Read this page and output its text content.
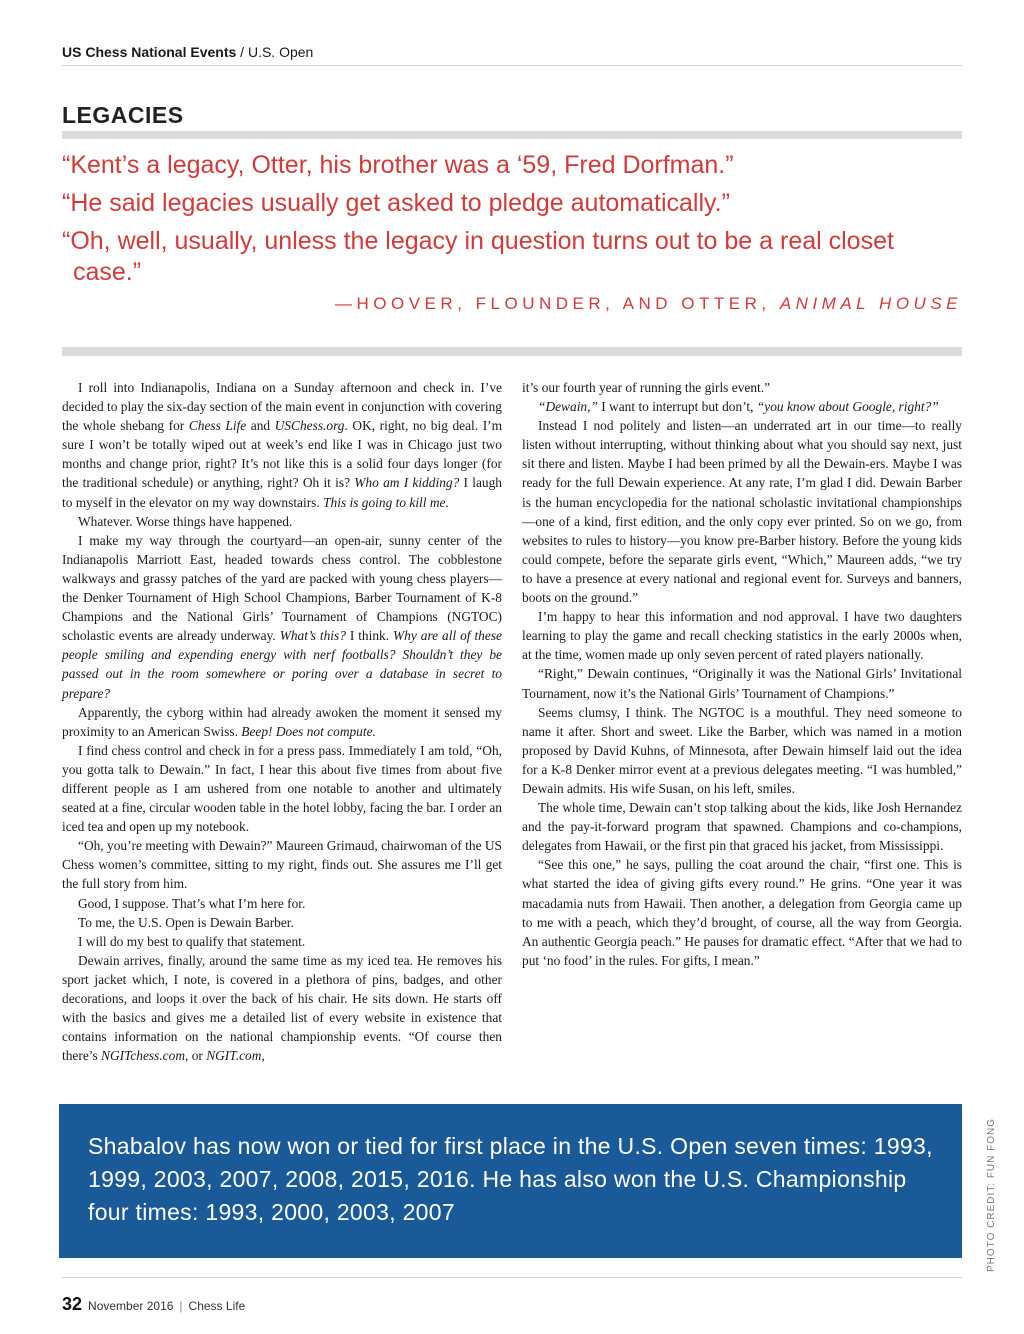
US Chess National Events / U.S. Open
LEGACIES

“Kent’s a legacy, Otter, his brother was a ‘59, Fred Dorfman.”

“He said legacies usually get asked to pledge automatically.”

“Oh, well, usually, unless the legacy in question turns out to be a real closet case.”

—HOOVER, FLOUNDER, AND OTTER, ANIMAL HOUSE

I roll into Indianapolis, Indiana on a Sunday afternoon and check in. I’ve decided to play the six-day section of the main event in conjunction with covering the whole shebang for Chess Life and USChess.org. OK, right, no big deal. I’m sure I won’t be totally wiped out at week’s end like I was in Chicago just two months and change prior, right? It’s not like this is a solid four days longer (for the traditional schedule) or anything, right? Oh it is? Who am I kidding? I laugh to myself in the elevator on my way downstairs. This is going to kill me.

Whatever. Worse things have happened.

I make my way through the courtyard—an open-air, sunny center of the Indianapolis Marriott East, headed towards chess control. The cobblestone walkways and grassy patches of the yard are packed with young chess players—the Denker Tournament of High School Champions, Barber Tournament of K-8 Champions and the National Girls’ Tournament of Champions (NGTOC) scholastic events are already underway. What’s this? I think. Why are all of these people smiling and expending energy with nerf footballs? Shouldn’t they be passed out in the room somewhere or poring over a database in secret to prepare?

Apparently, the cyborg within had already awoken the moment it sensed my proximity to an American Swiss. Beep! Does not compute.

I find chess control and check in for a press pass. Immediately I am told, “Oh, you gotta talk to Dewain.” In fact, I hear this about five times from about five different people as I am ushered from one notable to another and ultimately seated at a fine, circular wooden table in the hotel lobby, facing the bar. I order an iced tea and open up my notebook.

“Oh, you’re meeting with Dewain?” Maureen Grimaud, chairwoman of the US Chess women’s committee, sitting to my right, finds out. She assures me I’ll get the full story from him.

Good, I suppose. That’s what I’m here for.

To me, the U.S. Open is Dewain Barber.

I will do my best to qualify that statement.

Dewain arrives, finally, around the same time as my iced tea. He removes his sport jacket which, I note, is covered in a plethora of pins, badges, and other decorations, and loops it over the back of his chair. He sits down. He starts off with the basics and gives me a detailed list of every website in existence that contains information on the national championship events. “Of course then there’s NGITchess.com, or NGIT.com,

it’s our fourth year of running the girls event.”

“Dewain,” I want to interrupt but don’t, “you know about Google, right?”

Instead I nod politely and listen—an underrated art in our time—to really listen without interrupting, without thinking about what you should say next, just sit there and listen. Maybe I had been primed by all the Dewain-ers. Maybe I was ready for the full Dewain experience. At any rate, I’m glad I did. Dewain Barber is the human encyclopedia for the national scholastic invitational championships—one of a kind, first edition, and the only copy ever printed. So on we go, from websites to rules to history—you know pre-Barber history. Before the young kids could compete, before the separate girls event, “Which,” Maureen adds, “we try to have a presence at every national and regional event for. Surveys and banners, boots on the ground.”

I’m happy to hear this information and nod approval. I have two daughters learning to play the game and recall checking statistics in the early 2000s when, at the time, women made up only seven percent of rated players nationally.

“Right,” Dewain continues, “Originally it was the National Girls’ Invitational Tournament, now it’s the National Girls’ Tournament of Champions.”

Seems clumsy, I think. The NGTOC is a mouthful. They need someone to name it after. Short and sweet. Like the Barber, which was named in a motion proposed by David Kuhns, of Minnesota, after Dewain himself laid out the idea for a K-8 Denker mirror event at a previous delegates meeting. “I was humbled,” Dewain admits. His wife Susan, on his left, smiles.

The whole time, Dewain can’t stop talking about the kids, like Josh Hernandez and the pay-it-forward program that spawned. Champions and co-champions, delegates from Hawaii, or the first pin that graced his jacket, from Mississippi.

“See this one,” he says, pulling the coat around the chair, “first one. This is what started the idea of giving gifts every round.” He grins. “One year it was macadamia nuts from Hawaii. Then another, a delegation from Georgia came up to me with a peach, which they’d brought, of course, all the way from Georgia. An authentic Georgia peach.” He pauses for dramatic effect. “After that we had to put ‘no food’ in the rules. For gifts, I mean.”

Shabalov has now won or tied for first place in the U.S. Open seven times: 1993, 1999, 2003, 2007, 2008, 2015, 2016. He has also won the U.S. Championship four times: 1993, 2000, 2003, 2007	PHOTO CREDIT: FUN FONG
32 November 2016 | Chess Life
